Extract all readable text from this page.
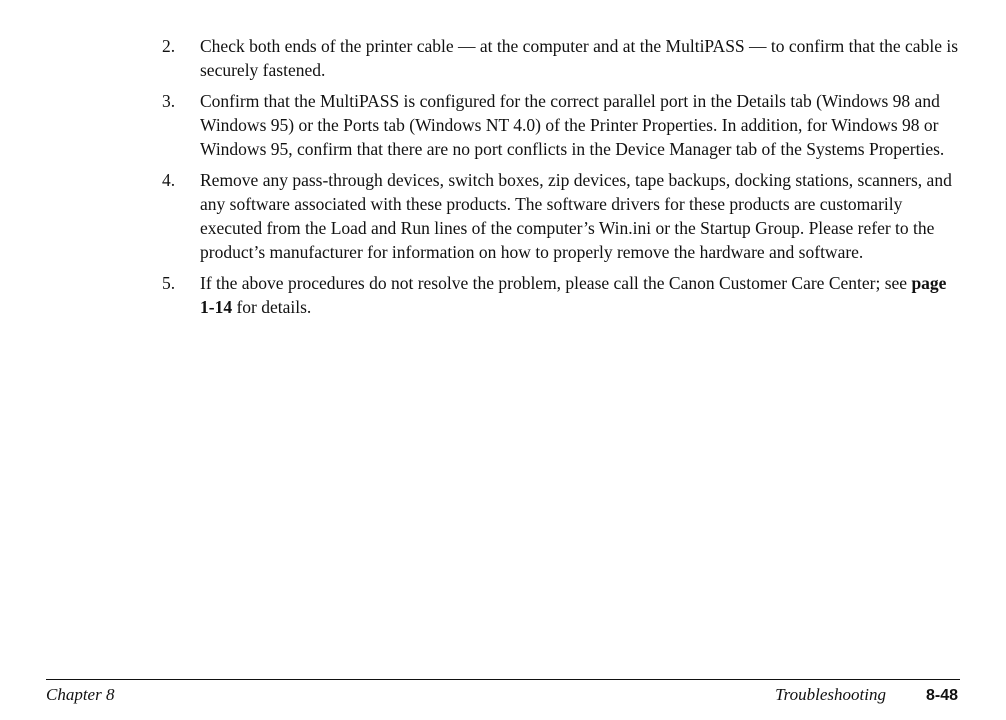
2.	Check both ends of the printer cable — at the computer and at the MultiPASS — to confirm that the cable is securely fastened.
3.	Confirm that the MultiPASS is configured for the correct parallel port in the Details tab (Windows 98 and Windows 95) or the Ports tab (Windows NT 4.0) of the Printer Properties. In addition, for Windows 98 or Windows 95, confirm that there are no port conflicts in the Device Manager tab of the Systems Properties.
4.	Remove any pass-through devices, switch boxes, zip devices, tape backups, docking stations, scanners, and any software associated with these products. The software drivers for these products are customarily executed from the Load and Run lines of the computer’s Win.ini or the Startup Group. Please refer to the product’s manufacturer for information on how to properly remove the hardware and software.
5.	If the above procedures do not resolve the problem, please call the Canon Customer Care Center; see page 1-14 for details.
Chapter 8	Troubleshooting	8-48
